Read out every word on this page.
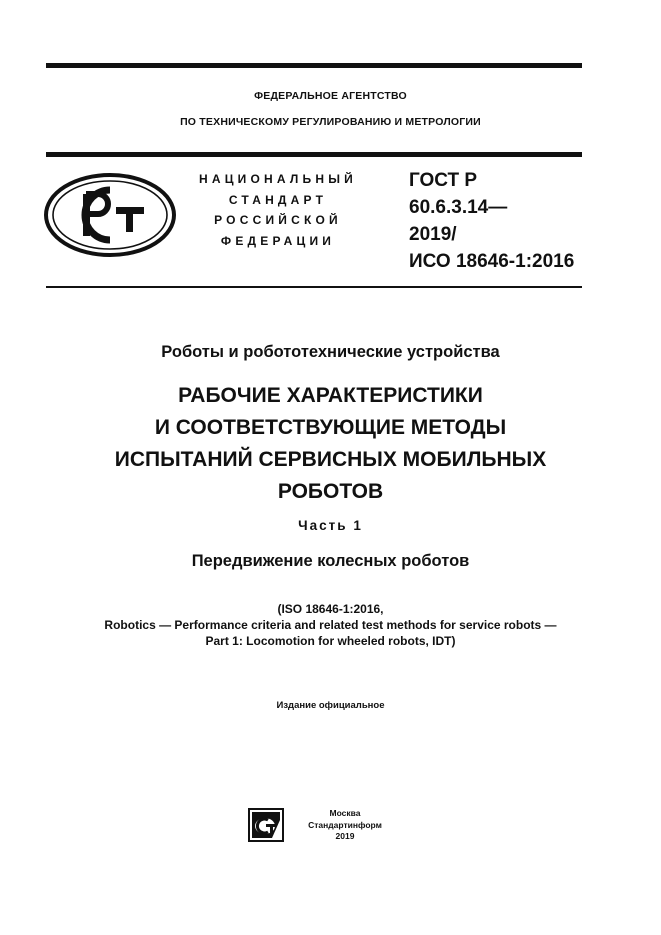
ФЕДЕРАЛЬНОЕ АГЕНТСТВО
ПО ТЕХНИЧЕСКОМУ РЕГУЛИРОВАНИЮ И МЕТРОЛОГИИ
НАЦИОНАЛЬНЫЙ
СТАНДАРТ
РОССИЙСКОЙ
ФЕДЕРАЦИИ
ГОСТ Р
60.6.3.14—
2019/
ИСО 18646-1:2016
Роботы и робототехнические устройства
РАБОЧИЕ ХАРАКТЕРИСТИКИ
И СООТВЕТСТВУЮЩИЕ МЕТОДЫ
ИСПЫТАНИЙ СЕРВИСНЫХ МОБИЛЬНЫХ
РОБОТОВ
Часть 1
Передвижение колесных роботов
(ISO 18646-1:2016,
Robotics — Performance criteria and related test methods for service robots —
Part 1: Locomotion for wheeled robots, IDT)
Издание официальное
Москва
Стандартинформ
2019
